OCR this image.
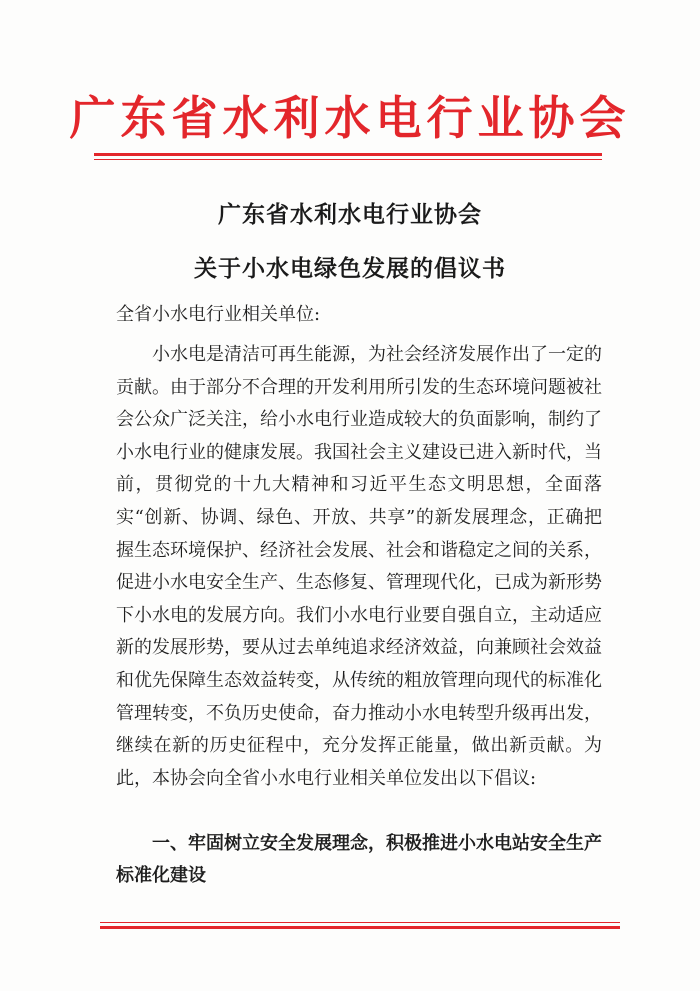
广东省水利水电行业协会
广东省水利水电行业协会
关于小水电绿色发展的倡议书
全省小水电行业相关单位:

小水电是清洁可再生能源，为社会经济发展作出了一定的贡献。由于部分不合理的开发利用所引发的生态环境问题被社会公众广泛关注，给小水电行业造成较大的负面影响，制约了小水电行业的健康发展。我国社会主义建设已进入新时代，当前，贯彻党的十九大精神和习近平生态文明思想，全面落实“创新、协调、绿色、开放、共享”的新发展理念，正确把握生态环境保护、经济社会发展、社会和谐稳定之间的关系，促进小水电安全生产、生态修复、管理现代化，已成为新形势下小水电的发展方向。我们小水电行业要自强自立，主动适应新的发展形势，要从过去单纯追求经济效益，向兼顾社会效益和优先保障生态效益转变，从传统的粗放管理向现代的标准化管理转变，不负历史使命，奋力推动小水电转型升级再出发，继续在新的历史征程中，充分发挥正能量，做出新贡献。为此，本协会向全省小水电行业相关单位发出以下倡议:

一、牢固树立安全发展理念，积极推进小水电站安全生产标准化建设
